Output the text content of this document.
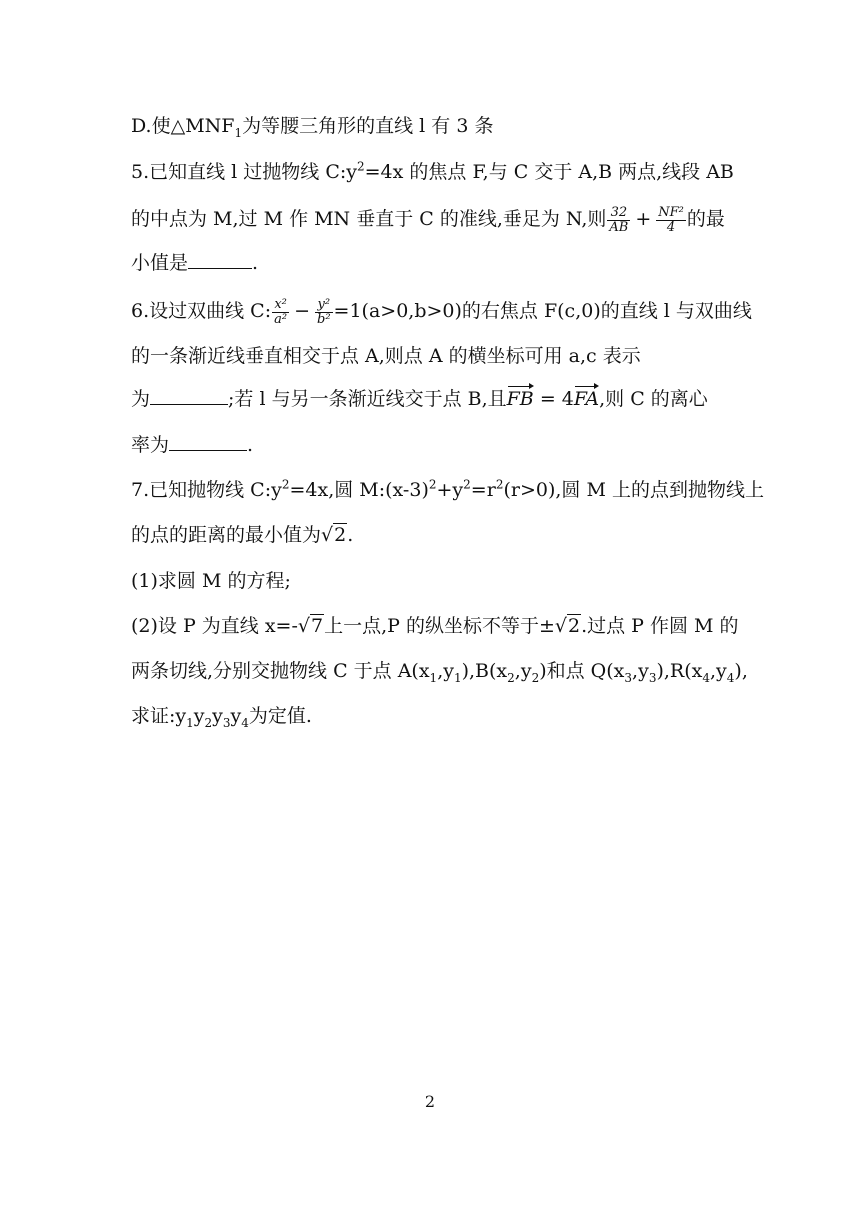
D.使$\triangle MNF_1$为等腰三角形的直线 l 有 3 条
5.已知直线 l 过抛物线 $C:y^2=4x$ 的焦点 F,与 C 交于 A,B 两点,线段 AB
的中点为 M,过 M 作 MN 垂直于 C 的准线,垂足为 N,则 $\frac{32}{AB} + \frac{\text{NF²}}{4}$ 的最
小值是	.
6.设过双曲线 C: $\frac{\text{x²}}{\text{a²}} - \frac{\text{y²}}{\text{b²}} =1(a>0,b>0)$的右焦点 F(c,0)的直线 l 与双曲线
的一条渐近线垂直相交于点 A,则点 A 的横坐标可用 a,c 表示
为	;若 l 与另一条渐近线交于点 B,且FB = 4FA,则 C 的离心
率为	.
7.已知抛物线 $C:y^2=4x$,圆 $M:(x-3)^2+y^2=r^2(r>0)$,圆 M 上的点到抛物线上
的点的距离的最小值为√2.
(1)求圆 M 的方程;
(2)设 P 为直线 x=-√7上一点,P 的纵坐标不等于±√2.过点 P 作圆 M 的
两条切线,分别交抛物线 C 于点 $A(x_1,y_1),B(x_2,y_2)$和点 $Q(x_3,y_3),R(x_4,y_4)$,
求证$:y_1y_2y_3y_4$为定值.
2
